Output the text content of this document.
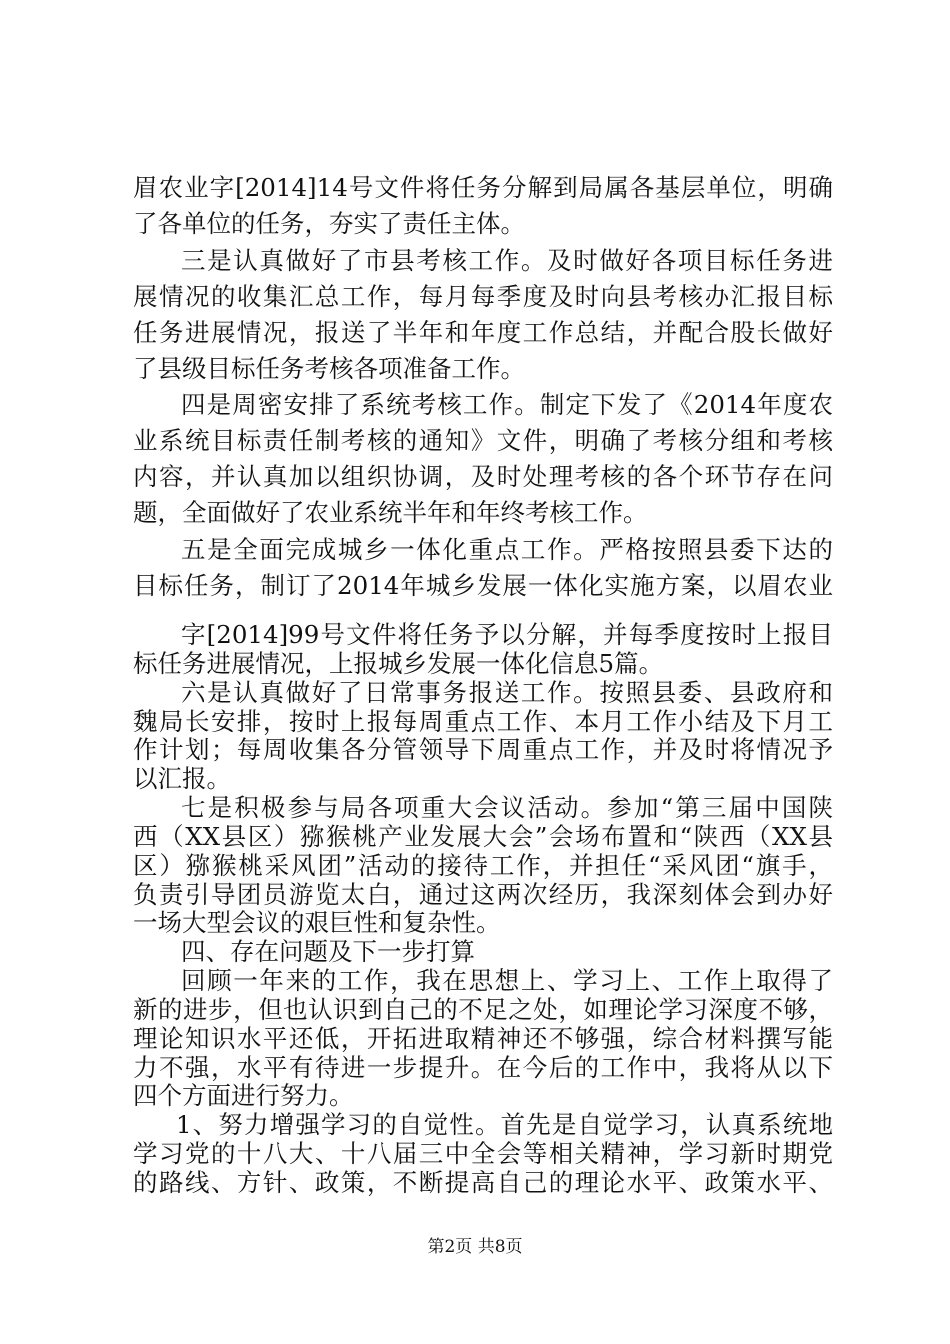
眉农业字[2014]14号文件将任务分解到局属各基层单位，明确
了各单位的任务，夯实了责任主体。
三是认真做好了市县考核工作。及时做好各项目标任务进
展情况的收集汇总工作，每月每季度及时向县考核办汇报目标
任务进展情况，报送了半年和年度工作总结，并配合股长做好
了县级目标任务考核各项准备工作。
四是周密安排了系统考核工作。制定下发了《2014年度农
业系统目标责任制考核的通知》文件，明确了考核分组和考核
内容，并认真加以组织协调，及时处理考核的各个环节存在问
题，全面做好了农业系统半年和年终考核工作。
五是全面完成城乡一体化重点工作。严格按照县委下达的
目标任务，制订了2014年城乡发展一体化实施方案，以眉农业
字[2014]99号文件将任务予以分解，并每季度按时上报目
标任务进展情况，上报城乡发展一体化信息5篇。
六是认真做好了日常事务报送工作。按照县委、县政府和
魏局长安排，按时上报每周重点工作、本月工作小结及下月工
作计划；每周收集各分管领导下周重点工作，并及时将情况予
以汇报。
七是积极参与局各项重大会议活动。参加“第三届中国陕
西（XX县区）猕猴桃产业发展大会”会场布置和“陕西（XX县
区）猕猴桃采风团”活动的接待工作，并担任“采风团“旗手，
负责引导团员游览太白，通过这两次经历，我深刻体会到办好
一场大型会议的艰巨性和复杂性。
四、存在问题及下一步打算
回顾一年来的工作，我在思想上、学习上、工作上取得了
新的进步，但也认识到自己的不足之处，如理论学习深度不够，
理论知识水平还低，开拓进取精神还不够强，综合材料撰写能
力不强，水平有待进一步提升。在今后的工作中，我将从以下
四个方面进行努力。
1、努力增强学习的自觉性。首先是自觉学习，认真系统地
学习党的十八大、十八届三中全会等相关精神，学习新时期党
的路线、方针、政策，不断提高自己的理论水平、政策水平、
第2页 共8页
